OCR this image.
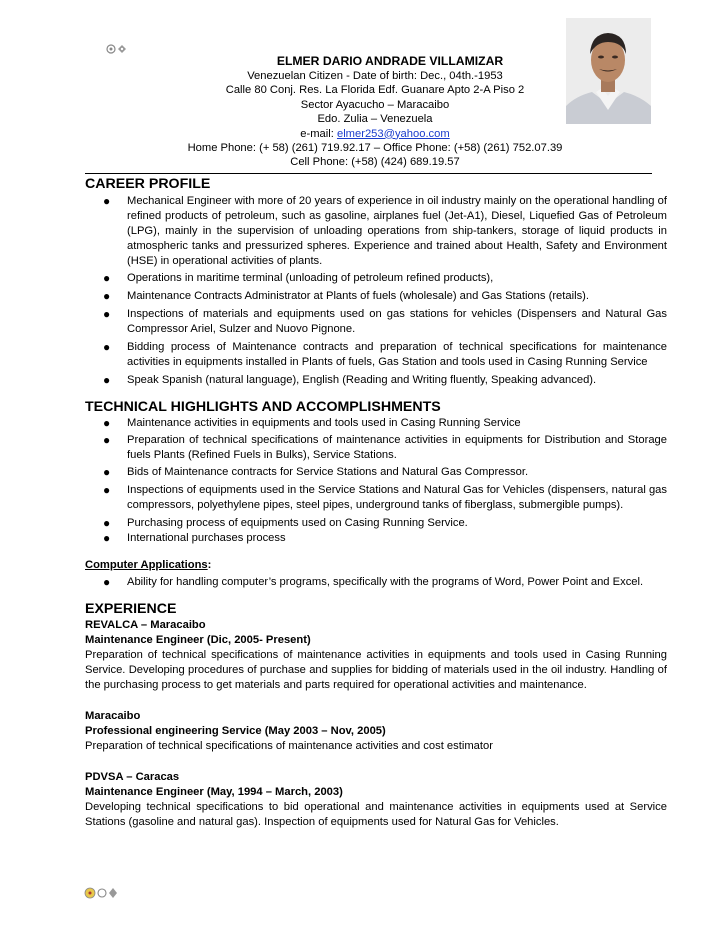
ELMER DARIO ANDRADE VILLAMIZAR
Venezuelan Citizen - Date of birth: Dec., 04th.-1953
Calle 80 Conj. Res. La Florida Edf. Guanare Apto 2-A Piso 2
Sector Ayacucho – Maracaibo
Edo. Zulia – Venezuela
e-mail: elmer253@yahoo.com
Home Phone: (+ 58) (261) 719.92.17 – Office Phone: (+58) (261) 752.07.39
Cell Phone: (+58) (424) 689.19.57
CAREER PROFILE
● Mechanical Engineer with more of 20 years of experience in oil industry mainly on the operational handling of refined products of petroleum, such as gasoline, airplanes fuel (Jet-A1), Diesel, Liquefied Gas of Petroleum (LPG), mainly in the supervision of unloading operations from ship-tankers, storage of liquid products in atmospheric tanks and pressurized spheres. Experience and trained about Health, Safety and Environment (HSE) in operational activities of plants.
● Operations in maritime terminal (unloading of petroleum refined products),
● Maintenance Contracts Administrator at Plants of fuels (wholesale) and Gas Stations (retails).
● Inspections of materials and equipments used on gas stations for vehicles (Dispensers and Natural Gas Compressor Ariel, Sulzer and Nuovo Pignone.
● Bidding process of Maintenance contracts and preparation of technical specifications for maintenance activities in equipments installed in Plants of fuels, Gas Station and tools used in Casing Running Service
● Speak Spanish (natural language), English (Reading and Writing fluently, Speaking advanced).
TECHNICAL HIGHLIGHTS AND ACCOMPLISHMENTS
● Maintenance activities in equipments and tools used in Casing Running Service
● Preparation of technical specifications of maintenance activities in equipments for Distribution and Storage fuels Plants (Refined Fuels in Bulks), Service Stations.
● Bids of Maintenance contracts for Service Stations and Natural Gas Compressor.
● Inspections of equipments used in the Service Stations and Natural Gas for Vehicles (dispensers, natural gas compressors, polyethylene pipes, steel pipes, underground tanks of fiberglass, submergible pumps).
● Purchasing process of equipments used on Casing Running Service.
● International purchases process
Computer Applications:
● Ability for handling computer’s programs, specifically with the programs of Word, Power Point and Excel.
EXPERIENCE
REVALCA – Maracaibo
Maintenance Engineer (Dic, 2005- Present)

Preparation of technical specifications of maintenance activities in equipments and tools used in Casing Running Service. Developing procedures of purchase and supplies for bidding of materials used in the oil industry. Handling of the purchasing process to get materials and parts required for operational activities and maintenance.

Maracaibo
Professional engineering Service (May 2003 – Nov, 2005)

Preparation of technical specifications of maintenance activities and cost estimator

PDVSA – Caracas
Maintenance Engineer (May, 1994 – March, 2003)

Developing technical specifications to bid operational and maintenance activities in equipments used at Service Stations (gasoline and natural gas). Inspection of equipments used for Natural Gas for Vehicles.
